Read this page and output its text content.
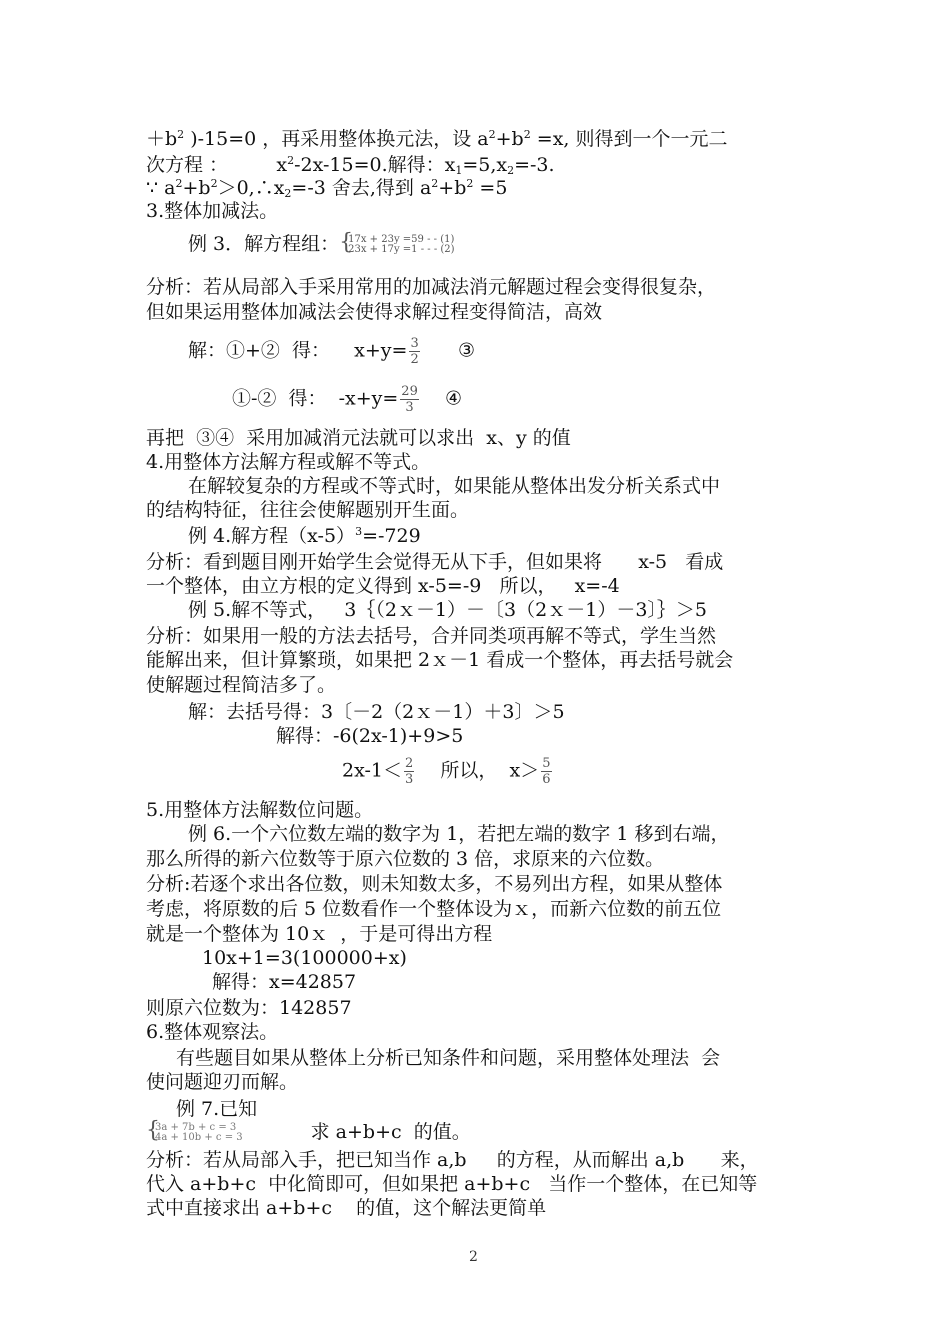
$+b^2$ )-15=0 ，再采用整体换元法，设 $a^2+b^2 =x$, 则得到一个一元二
次方程 ：        $x^2-2x-15=0$.解得：$x_1=5,x_2=-3$.
∵ $a^2+b^2>0,\therefore x_2=-3$ 舍去,得到 $a^2+b^2 =5$
3.整体加减法。
例 3．解方程组：
{ 17x + 23y =59 - - (1)
23x + 17y =1 - - - (2)
分析：若从局部入手采用常用的加减法消元解题过程会变得很复杂，
但如果运用整体加减法会使得求解过程变得简洁，高效
解：①+②  得：    $x+y= \frac{3}{2}$ ③
①-②  得：  $-x+y= \frac{29}{3}$ ④
再把  ③④  采用加减消元法就可以求出  x、y 的值
4.用整体方法解方程或解不等式。
在解较复杂的方程或不等式时，如果能从整体出发分析关系式中
的结构特征，往往会使解题别开生面。
例 4.解方程$(x-5)^3=-729$
分析：看到题目刚开始学生会觉得无从下手，但如果将      x-5   看成
一个整体，由立方根的定义得到 x-5=-9   所以，   x=-4
例 5.解不等式，   3｛（2ｘ－1）－〔3（2ｘ－1）－3〕｝＞5
分析：如果用一般的方法去括号，合并同类项再解不等式，学生当然
能解出来，但计算繁琐，如果把 2ｘ－1 看成一个整体，再去括号就会
使解题过程简洁多了。
解：去括号得：3〔－2（2ｘ－1）＋3〕＞5
解得：-6(2x-1)+9>5
$2x-1< \frac{2}{3}$ 所以，  $x> \frac{5}{6}$
5.用整体方法解数位问题。
例 6.一个六位数左端的数字为 1，若把左端的数字 1 移到右端，
那么所得的新六位数等于原六位数的 3 倍，求原来的六位数。
分析:若逐个求出各位数，则未知数太多，不易列出方程，如果从整体
考虑，将原数的后 5 位数看作一个整体设为ｘ，而新六位数的前五位
就是一个整体为 10ｘ  ，于是可得出方程
10x+1=3(100000+x)
解得：x=42857
则原六位数为：142857
6.整体观察法。
有些题目如果从整体上分析已知条件和问题，采用整体处理法  会
使问题迎刃而解。
例 7.已知
{ 3a + 7b + c = 3
4a + 10b + c = 3	求 a+b+c  的值。
分析：若从局部入手，把已知当作 a,b     的方程，从而解出 a,b      来，
代入 a+b+c  中化简即可，但如果把 a+b+c   当作一个整体，在已知等
式中直接求出 a+b+c    的值，这个解法更简单
2
